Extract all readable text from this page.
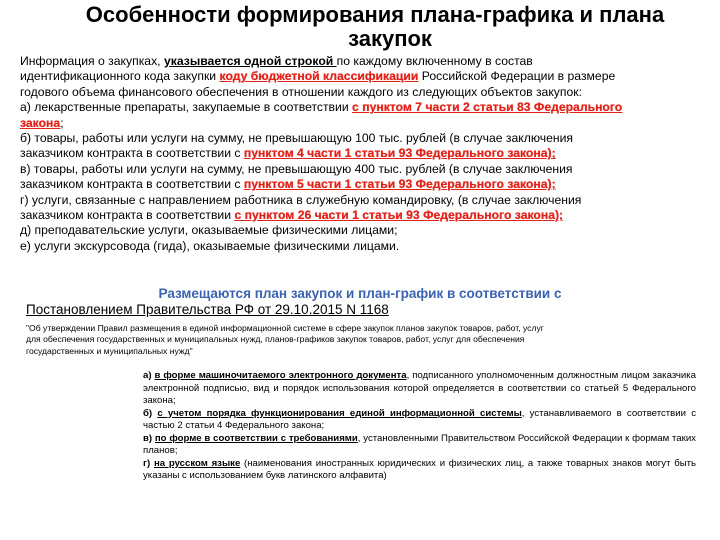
Особенности формирования плана-графика и плана
закупок
Информация о закупках, указывается одной строкой по каждому включенному в состав
идентификационного кода закупки коду бюджетной классификации Российской Федерации в размере
годового объема финансового обеспечения в отношении каждого из следующих объектов закупок:
а) лекарственные препараты, закупаемые в соответствии с пунктом 7 части 2 статьи 83 Федерального
закона;
б) товары, работы или услуги на сумму, не превышающую 100 тыс. рублей (в случае заключения
заказчиком контракта в соответствии с пунктом 4 части 1 статьи 93 Федерального закона);
в) товары, работы или услуги на сумму, не превышающую 400 тыс. рублей (в случае заключения
заказчиком контракта в соответствии с пунктом 5 части 1 статьи 93 Федерального закона);
г) услуги, связанные с направлением работника в служебную командировку, (в случае заключения
заказчиком контракта в соответствии с пунктом 26 части 1 статьи 93 Федерального закона);
д) преподавательские услуги, оказываемые физическими лицами;
е) услуги экскурсовода (гида), оказываемые физическими лицами.
Размещаются план закупок и план-график в соответствии с
Постановлением Правительства РФ от 29.10.2015 N 1168
"Об утверждении Правил размещения в единой информационной системе в сфере закупок планов закупок товаров, работ, услуг
для обеспечения государственных и муниципальных нужд, планов-графиков закупок товаров, работ, услуг для обеспечения
государственных и муниципальных нужд"
а) в форме машиночитаемого электронного документа, подписанного уполномоченным должностным лицом заказчика электронной подписью, вид и порядок использования которой определяется в соответствии со статьей 5 Федерального закона;
б) с учетом порядка функционирования единой информационной системы, устанавливаемого в соответствии с частью 2 статьи 4 Федерального закона;
в) по форме в соответствии с требованиями, установленными Правительством Российской Федерации к формам таких планов;
г) на русском языке (наименования иностранных юридических и физических лиц, а также товарных знаков могут быть указаны с использованием букв латинского алфавита)
